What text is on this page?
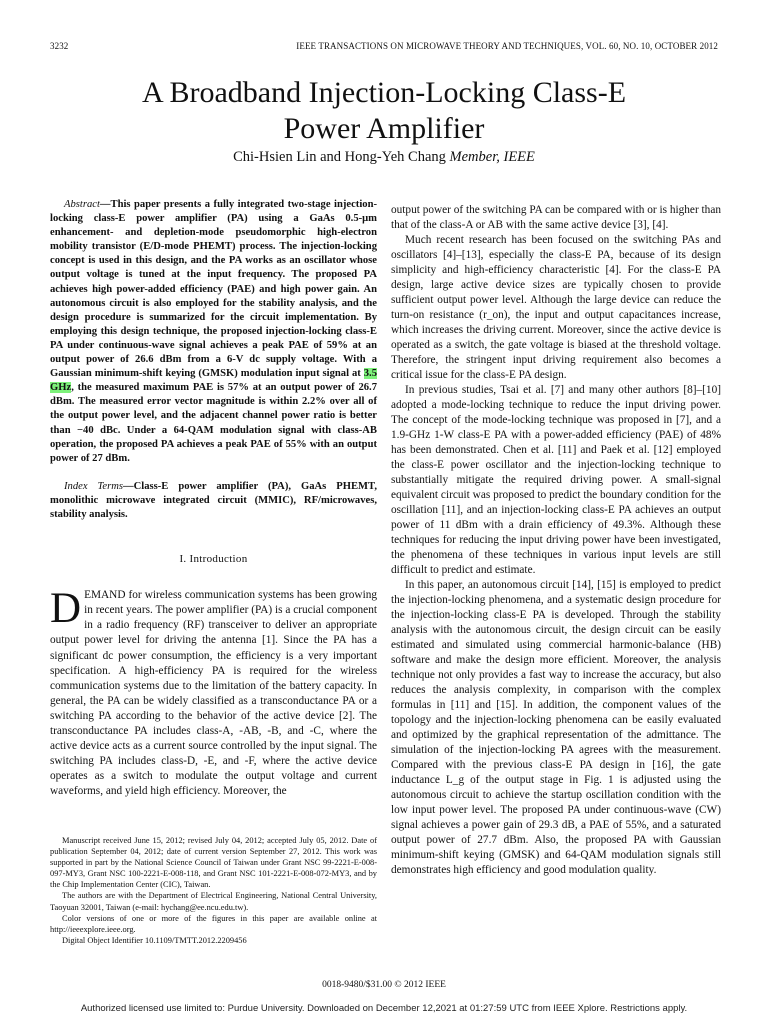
3232	IEEE TRANSACTIONS ON MICROWAVE THEORY AND TECHNIQUES, VOL. 60, NO. 10, OCTOBER 2012
A Broadband Injection-Locking Class-E
Power Amplifier
Chi-Hsien Lin and Hong-Yeh Chang Member, IEEE

Abstract—This paper presents a fully integrated two-stage injection-locking class-E power amplifier (PA) using a GaAs 0.5-μm enhancement- and depletion-mode pseudomorphic high-electron mobility transistor (E/D-mode PHEMT) process. The injection-locking concept is used in this design, and the PA works as an oscillator whose output voltage is tuned at the input frequency. The proposed PA achieves high power-added efficiency (PAE) and high power gain. An autonomous circuit is also employed for the stability analysis, and the design procedure is summarized for the circuit implementation. By employing this design technique, the proposed injection-locking class-E PA under continuous-wave signal achieves a peak PAE of 59% at an output power of 26.6 dBm from a 6-V dc supply voltage. With a Gaussian minimum-shift keying (GMSK) modulation input signal at 3.5 GHz, the measured maximum PAE is 57% at an output power of 26.7 dBm. The measured error vector magnitude is within 2.2% over all of the output power level, and the adjacent channel power ratio is better than −40 dBc. Under a 64-QAM modulation signal with class-AB operation, the proposed PA achieves a peak PAE of 55% with an output power of 27 dBm.

Index Terms—Class-E power amplifier (PA), GaAs PHEMT, monolithic microwave integrated circuit (MMIC), RF/microwaves, stability analysis.

I. Introduction

DEMAND for wireless communication systems has been growing in recent years. The power amplifier (PA) is a crucial component in a radio frequency (RF) transceiver to deliver an appropriate output power level for driving the antenna [1]. Since the PA has a significant dc power consumption, the efficiency is a very important specification. A high-efficiency PA is required for the wireless communication systems due to the limitation of the battery capacity. In general, the PA can be widely classified as a transconductance PA or a switching PA according to the behavior of the active device [2]. The transconductance PA includes class-A, -AB, -B, and -C, where the active device acts as a current source controlled by the input signal. The switching PA includes class-D, -E, and -F, where the active device operates as a switch to modulate the output voltage and current waveforms, and yield high efficiency. Moreover, the

Manuscript received June 15, 2012; revised July 04, 2012; accepted July 05, 2012. Date of publication September 04, 2012; date of current version September 27, 2012. This work was supported in part by the National Science Council of Taiwan under Grant NSC 99-2221-E-008-097-MY3, Grant NSC 100-2221-E-008-118, and Grant NSC 101-2221-E-008-072-MY3, and by the Chip Implementation Center (CIC), Taiwan.

The authors are with the Department of Electrical Engineering, National Central University, Taoyuan 32001, Taiwan (e-mail: hychang@ee.ncu.edu.tw).

Color versions of one or more of the figures in this paper are available online at http://ieeexplore.ieee.org.

Digital Object Identifier 10.1109/TMTT.2012.2209456

output power of the switching PA can be compared with or is higher than that of the class-A or AB with the same active device [3], [4].

Much recent research has been focused on the switching PAs and oscillators [4]–[13], especially the class-E PA, because of its design simplicity and high-efficiency characteristic [4]. For the class-E PA design, large active device sizes are typically chosen to provide sufficient output power level. Although the large device can reduce the turn-on resistance (r_on), the input and output capacitances increase, which increases the driving current. Moreover, since the active device is operated as a switch, the gate voltage is biased at the threshold voltage. Therefore, the stringent input driving requirement also becomes a critical issue for the class-E PA design.

In previous studies, Tsai et al. [7] and many other authors [8]–[10] adopted a mode-locking technique to reduce the input driving power. The concept of the mode-locking technique was proposed in [7], and a 1.9-GHz 1-W class-E PA with a power-added efficiency (PAE) of 48% has been demonstrated. Chen et al. [11] and Paek et al. [12] employed the class-E power oscillator and the injection-locking technique to substantially mitigate the required driving power. A small-signal equivalent circuit was proposed to predict the boundary condition for the oscillation [11], and an injection-locking class-E PA achieves an output power of 11 dBm with a drain efficiency of 49.3%. Although these techniques for reducing the input driving power have been investigated, the phenomena of these techniques in various input levels are still difficult to predict and estimate.

In this paper, an autonomous circuit [14], [15] is employed to predict the injection-locking phenomena, and a systematic design procedure for the injection-locking class-E PA is developed. Through the stability analysis with the autonomous circuit, the design circuit can be easily estimated and simulated using commercial harmonic-balance (HB) software and make the design more efficient. Moreover, the analysis technique not only provides a fast way to increase the accuracy, but also reduces the analysis complexity, in comparison with the complex formulas in [11] and [15]. In addition, the component values of the topology and the injection-locking phenomena can be easily evaluated and optimized by the graphical representation of the admittance. The simulation of the injection-locking PA agrees with the measurement. Compared with the previous class-E PA design in [16], the gate inductance L_g of the output stage in Fig. 1 is adjusted using the autonomous circuit to achieve the startup oscillation condition with the low input power level. The proposed PA under continuous-wave (CW) signal achieves a power gain of 29.3 dB, a PAE of 55%, and a saturated output power of 27.7 dBm. Also, the proposed PA with Gaussian minimum-shift keying (GMSK) and 64-QAM modulation signals still demonstrates high efficiency and good modulation quality.

0018-9480/$31.00 © 2012 IEEE
Authorized licensed use limited to: Purdue University. Downloaded on December 12,2021 at 01:27:59 UTC from IEEE Xplore. Restrictions apply.
